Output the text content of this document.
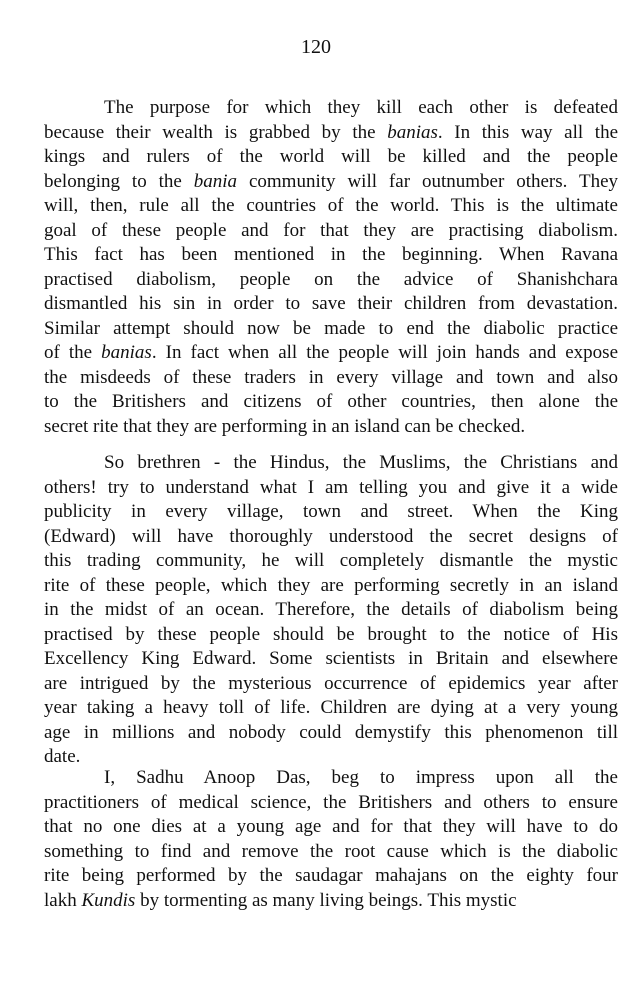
120

The purpose for which they kill each other is defeated
because their wealth is grabbed by the banias. In this way all the
kings and rulers of the world will be killed and the people
belonging to the bania community will far outnumber others. They
will, then, rule all the countries of the world. This is the ultimate
goal of these people and for that they are practising diabolism.
This fact has been mentioned in the beginning. When Ravana
practised diabolism, people on the advice of Shanishchara
dismantled his sin in order to save their children from devastation.
Similar attempt should now be made to end the diabolic practice
of the banias. In fact when all the people will join hands and expose
the misdeeds of these traders in every village and town and also
to the Britishers and citizens of other countries, then alone the
secret rite that they are performing in an island can be checked.

So brethren - the Hindus, the Muslims, the Christians and
others! try to understand what I am telling you and give it a wide
publicity in every village, town and street. When the King
(Edward) will have thoroughly understood the secret designs of
this trading community, he will completely dismantle the mystic
rite of these people, which they are performing secretly in an island
in the midst of an ocean. Therefore, the details of diabolism being
practised by these people should be brought to the notice of His
Excellency King Edward. Some scientists in Britain and elsewhere
are intrigued by the mysterious occurrence of epidemics year after
year taking a heavy toll of life. Children are dying at a very young
age in millions and nobody could demystify this phenomenon till
date.

I, Sadhu Anoop Das, beg to impress upon all the
practitioners of medical science, the Britishers and others to ensure
that no one dies at a young age and for that they will have to do
something to find and remove the root cause which is the diabolic
rite being performed by the saudagar mahajans on the eighty four
lakh Kundis by tormenting as many living beings. This mystic
